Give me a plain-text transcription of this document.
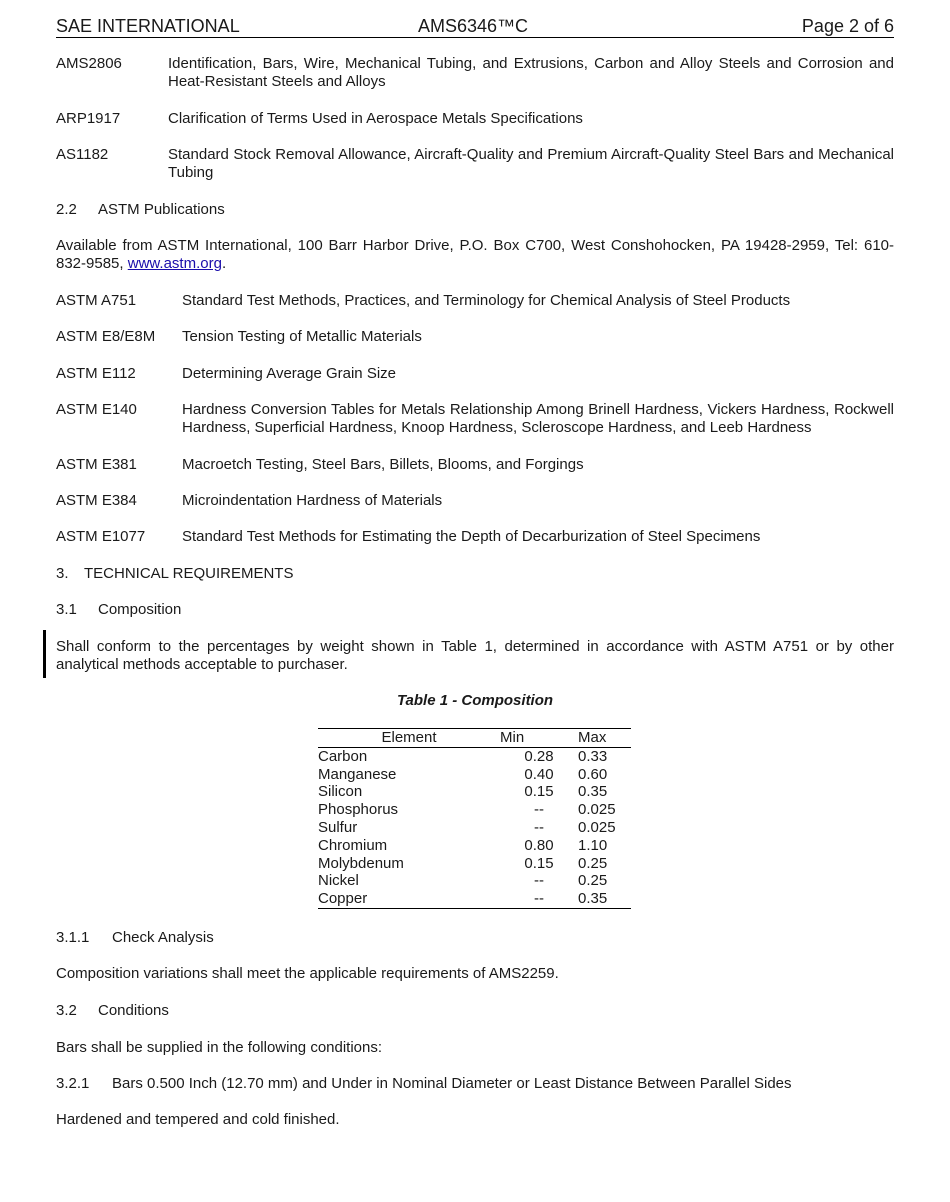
SAE INTERNATIONAL	AMS6346™C	Page 2 of 6
AMS2806	Identification, Bars, Wire, Mechanical Tubing, and Extrusions, Carbon and Alloy Steels and Corrosion and Heat-Resistant Steels and Alloys
ARP1917	Clarification of Terms Used in Aerospace Metals Specifications
AS1182	Standard Stock Removal Allowance, Aircraft-Quality and Premium Aircraft-Quality Steel Bars and Mechanical Tubing
2.2 ASTM Publications
Available from ASTM International, 100 Barr Harbor Drive, P.O. Box C700, West Conshohocken, PA 19428-2959, Tel: 610-832-9585, www.astm.org.
ASTM A751	Standard Test Methods, Practices, and Terminology for Chemical Analysis of Steel Products
ASTM E8/E8M	Tension Testing of Metallic Materials
ASTM E112	Determining Average Grain Size
ASTM E140	Hardness Conversion Tables for Metals Relationship Among Brinell Hardness, Vickers Hardness, Rockwell Hardness, Superficial Hardness, Knoop Hardness, Scleroscope Hardness, and Leeb Hardness
ASTM E381	Macroetch Testing, Steel Bars, Billets, Blooms, and Forgings
ASTM E384	Microindentation Hardness of Materials
ASTM E1077	Standard Test Methods for Estimating the Depth of Decarburization of Steel Specimens
3. TECHNICAL REQUIREMENTS
3.1 Composition
Shall conform to the percentages by weight shown in Table 1, determined in accordance with ASTM A751 or by other analytical methods acceptable to purchaser.
3.1.1 Check Analysis
Composition variations shall meet the applicable requirements of AMS2259.
3.2 Conditions
Bars shall be supplied in the following conditions:
3.2.1 Bars 0.500 Inch (12.70 mm) and Under in Nominal Diameter or Least Distance Between Parallel Sides
Hardened and tempered and cold finished.
Table 1 - Composition
Element	Min	Max
Carbon	0.28	0.33
Manganese	0.40	0.60
Silicon	0.15	0.35
Phosphorus	--	0.025
Sulfur	--	0.025
Chromium	0.80	1.10
Molybdenum	0.15	0.25
Nickel	--	0.25
Copper	--	0.35
